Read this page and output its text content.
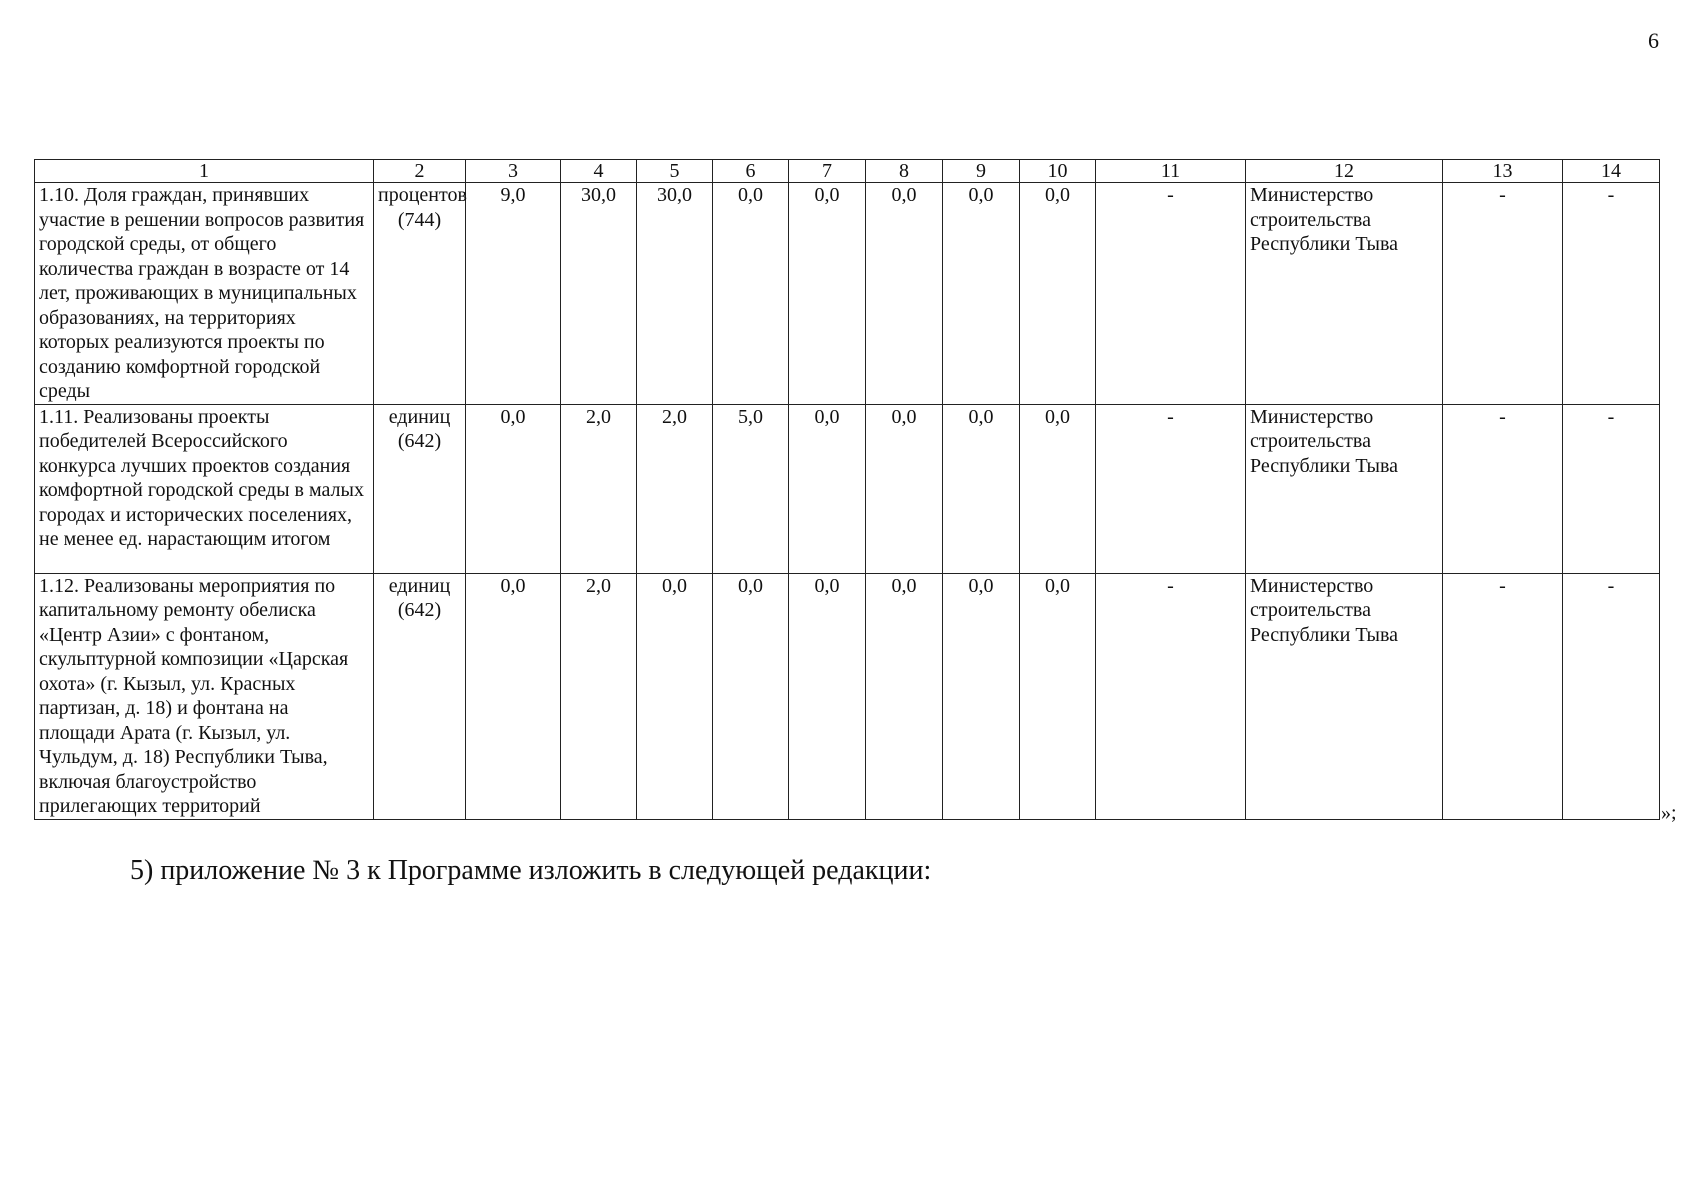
6
1	2	3	4	5	6	7	8	9	10	11	12	13	14
1.10. Доля граждан, принявших участие в решении вопросов развития городской среды, от общего количества граждан в возрасте от 14 лет, проживающих в муниципальных образованиях, на территориях которых реализуются проекты по созданию комфортной городской среды	процентов (744)	9,0	30,0	30,0	0,0	0,0	0,0	0,0	0,0	-	Министерство строительства Республики Тыва	-	-
1.11. Реализованы проекты победителей Всероссийского конкурса лучших проектов создания комфортной городской среды в малых городах и исторических поселениях, не менее ед. нарастающим итогом	единиц (642)	0,0	2,0	2,0	5,0	0,0	0,0	0,0	0,0	-	Министерство строительства Республики Тыва	-	-
1.12. Реализованы мероприятия по капитальному ремонту обелиска «Центр Азии» с фонтаном, скульптурной композиции «Царская охота» (г. Кызыл, ул. Красных партизан, д. 18) и фонтана на площади Арата (г. Кызыл, ул. Чульдум, д. 18) Республики Тыва, включая благоустройство прилегающих территорий	единиц (642)	0,0	2,0	0,0	0,0	0,0	0,0	0,0	0,0	-	Министерство строительства Республики Тыва	-	-
»;
5) приложение № 3 к Программе изложить в следующей редакции:
